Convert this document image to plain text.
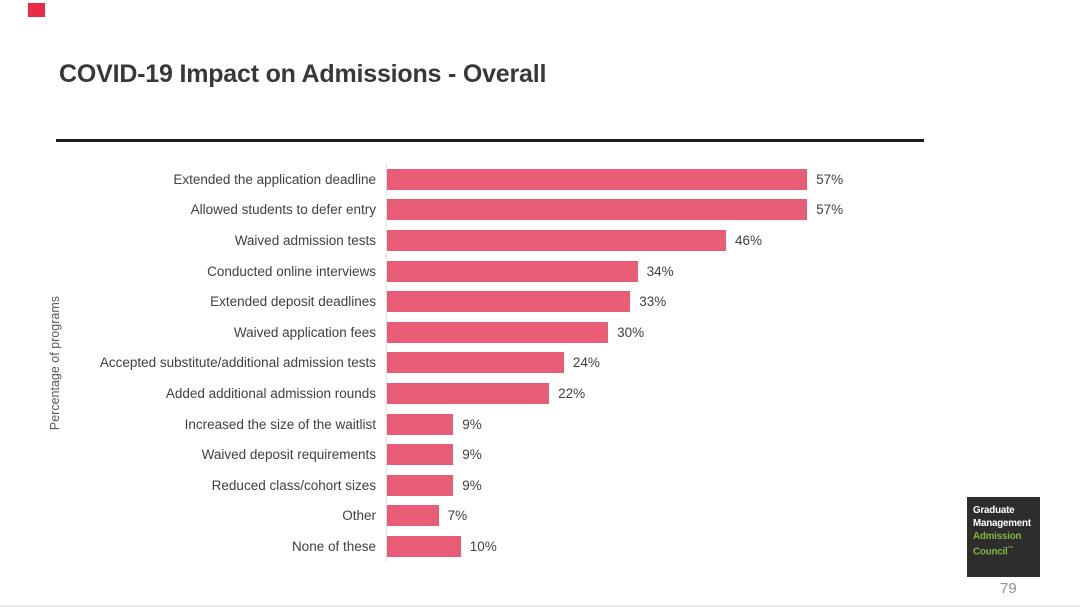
COVID-19 Impact on Admissions - Overall
Percentage of programs
Extended the application deadline	57%
Allowed students to defer entry	57%
Waived admission tests	46%
Conducted online interviews	34%
Extended deposit deadlines	33%
Waived application fees	30%
Accepted substitute/additional admission tests	24%
Added additional admission rounds	22%
Increased the size of the waitlist	9%
Waived deposit requirements	9%
Reduced class/cohort sizes	9%
Other	7%
None of these	10%
Graduate
Management
Admission
Council™
79
